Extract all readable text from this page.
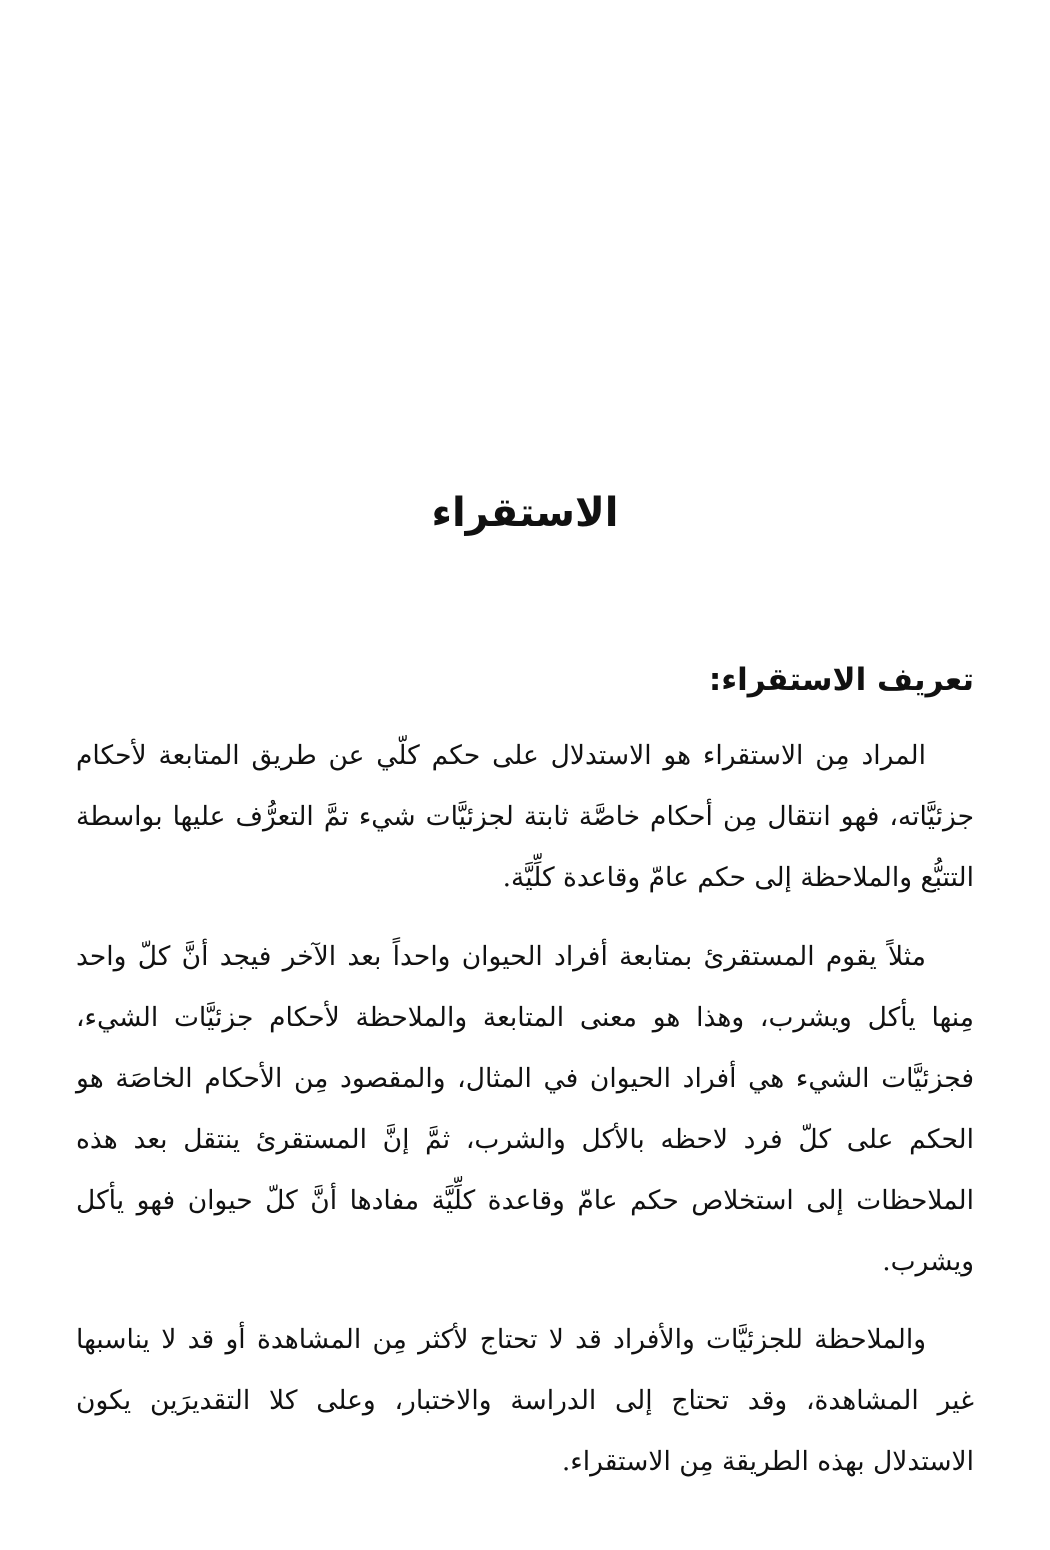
الاستقراء
تعريف الاستقراء:

المراد مِن الاستقراء هو الاستدلال على حكم كلّي عن طريق المتابعة لأحكام جزئيَّاته، فهو انتقال مِن أحكام خاصَّة ثابتة لجزئيَّات شيء تمَّ التعرُّف عليها بواسطة التتبُّع والملاحظة إلى حكم عامّ وقاعدة كلِّيَّة.

مثلاً يقوم المستقرئ بمتابعة أفراد الحيوان واحداً بعد الآخر فيجد أنَّ كلّ واحد مِنها يأكل ويشرب، وهذا هو معنى المتابعة والملاحظة لأحكام جزئيَّات الشيء، فجزئيَّات الشيء هي أفراد الحيوان في المثال، والمقصود مِن الأحكام الخاصَة هو الحكم على كلّ فرد لاحظه بالأكل والشرب، ثمَّ إنَّ المستقرئ ينتقل بعد هذه الملاحظات إلى استخلاص حكم عامّ وقاعدة كلِّيَّة مفادها أنَّ كلّ حيوان فهو يأكل ويشرب.

والملاحظة للجزئيَّات والأفراد قد لا تحتاج لأكثر مِن المشاهدة أو قد لا يناسبها غير المشاهدة، وقد تحتاج إلى الدراسة والاختبار، وعلى كلا التقديرَين يكون الاستدلال بهذه الطريقة مِن الاستقراء.
